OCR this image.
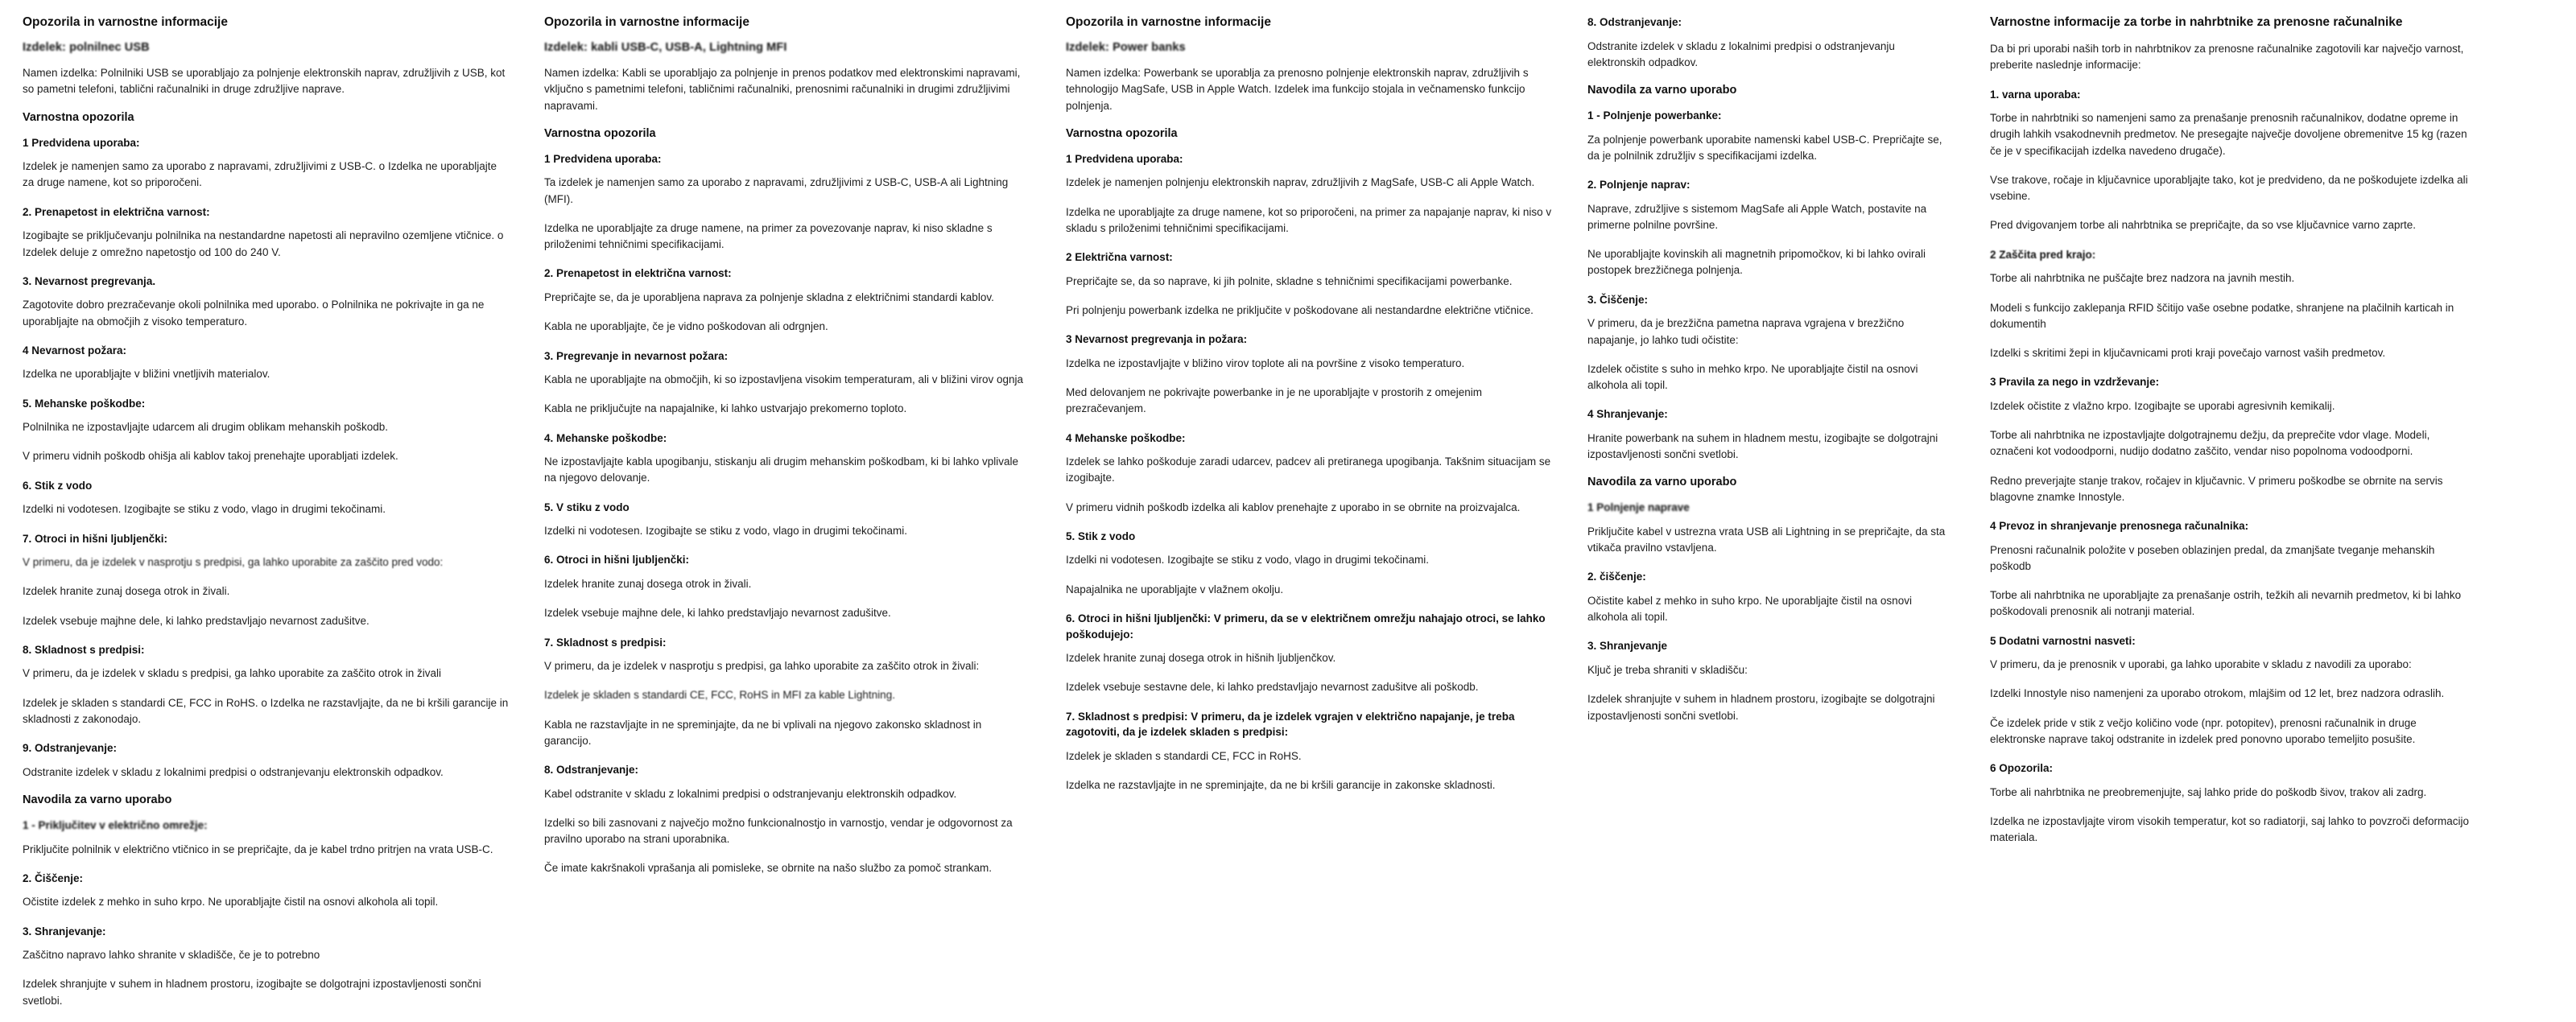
Opozorila in varnostne informacije
Izdelek: polnilnec USB

Namen izdelka: Polnilniki USB se uporabljajo za polnjenje elektronskih naprav, združljivih z USB, kot so pametni telefoni, tablični računalniki in druge združljive naprave.

Varnostna opozorila
1 Predvidena uporaba:

Izdelek je namenjen samo za uporabo z napravami, združljivimi z USB-C. o Izdelka ne uporabljajte za druge namene, kot so priporočeni.

2. Prenapetost in električna varnost:

Izogibajte se priključevanju polnilnika na nestandardne napetosti ali nepravilno ozemljene vtičnice. o Izdelek deluje z omrežno napetostjo od 100 do 240 V.

3. Nevarnost pregrevanja.

Zagotovite dobro prezračevanje okoli polnilnika med uporabo. o Polnilnika ne pokrivajte in ga ne uporabljajte na območjih z visoko temperaturo.

4 Nevarnost požara:

Izdelka ne uporabljajte v bližini vnetljivih materialov.

5. Mehanske poškodbe:

Polnilnika ne izpostavljajte udarcem ali drugim oblikam mehanskih poškodb.

V primeru vidnih poškodb ohišja ali kablov takoj prenehajte uporabljati izdelek.

6. Stik z vodo

Izdelki ni vodotesen. Izogibajte se stiku z vodo, vlago in drugimi tekočinami.

7. Otroci in hišni ljubljenčki:

V primeru, da je izdelek v nasprotju s predpisi, ga lahko uporabite za zaščito pred vodo:

Izdelek hranite zunaj dosega otrok in živali.

Izdelek vsebuje majhne dele, ki lahko predstavljajo nevarnost zadušitve.

8. Skladnost s predpisi:

V primeru, da je izdelek v skladu s predpisi, ga lahko uporabite za zaščito otrok in živali

Izdelek je skladen s standardi CE, FCC in RoHS. o Izdelka ne razstavljajte, da ne bi kršili garancije in skladnosti z zakonodajo.

9. Odstranjevanje:

Odstranite izdelek v skladu z lokalnimi predpisi o odstranjevanju elektronskih odpadkov.

Navodila za varno uporabo
1 - Priključitev v električno omrežje:

Priključite polnilnik v električno vtičnico in se prepričajte, da je kabel trdno pritrjen na vrata USB-C.

2. Čiščenje:

Očistite izdelek z mehko in suho krpo. Ne uporabljajte čistil na osnovi alkohola ali topil.

3. Shranjevanje:

Zaščitno napravo lahko shranite v skladišče, če je to potrebno

Izdelek shranjujte v suhem in hladnem prostoru, izogibajte se dolgotrajni izpostavljenosti sončni svetlobi.

Opozorila in varnostne informacije
Izdelek: kabli USB-C, USB-A, Lightning MFI

Namen izdelka: Kabli se uporabljajo za polnjenje in prenos podatkov med elektronskimi napravami, vključno s pametnimi telefoni, tabličnimi računalniki, prenosnimi računalniki in drugimi združljivimi napravami.

Varnostna opozorila
1 Predvidena uporaba:

Ta izdelek je namenjen samo za uporabo z napravami, združljivimi z USB-C, USB-A ali Lightning (MFI).

Izdelka ne uporabljajte za druge namene, na primer za povezovanje naprav, ki niso skladne s priloženimi tehničnimi specifikacijami.

2. Prenapetost in električna varnost:

Prepričajte se, da je uporabljena naprava za polnjenje skladna z električnimi standardi kablov.

Kabla ne uporabljajte, če je vidno poškodovan ali odrgnjen.

3. Pregrevanje in nevarnost požara:

Kabla ne uporabljajte na območjih, ki so izpostavljena visokim temperaturam, ali v bližini virov ognja

Kabla ne priključujte na napajalnike, ki lahko ustvarjajo prekomerno toploto.

4. Mehanske poškodbe:

Ne izpostavljajte kabla upogibanju, stiskanju ali drugim mehanskim poškodbam, ki bi lahko vplivale na njegovo delovanje.

5. V stiku z vodo

Izdelki ni vodotesen. Izogibajte se stiku z vodo, vlago in drugimi tekočinami.

6. Otroci in hišni ljubljenčki:

Izdelek hranite zunaj dosega otrok in živali.

Izdelek vsebuje majhne dele, ki lahko predstavljajo nevarnost zadušitve.

7. Skladnost s predpisi:

V primeru, da je izdelek v nasprotju s predpisi, ga lahko uporabite za zaščito otrok in živali:

Izdelek je skladen s standardi CE, FCC, RoHS in MFI za kable Lightning.

Kabla ne razstavljajte in ne spreminjajte, da ne bi vplivali na njegovo zakonsko skladnost in garancijo.

8. Odstranjevanje:

Kabel odstranite v skladu z lokalnimi predpisi o odstranjevanju elektronskih odpadkov.

Izdelki so bili zasnovani z največjo možno funkcionalnostjo in varnostjo, vendar je odgovornost za pravilno uporabo na strani uporabnika.

Če imate kakršnakoli vprašanja ali pomisleke, se obrnite na našo službo za pomoč strankam.

Opozorila in varnostne informacije
Izdelek: Power banks

Namen izdelka: Powerbank se uporablja za prenosno polnjenje elektronskih naprav, združljivih s tehnologijo MagSafe, USB in Apple Watch. Izdelek ima funkcijo stojala in večnamensko funkcijo polnjenja.

Varnostna opozorila
1 Predvidena uporaba:

Izdelek je namenjen polnjenju elektronskih naprav, združljivih z MagSafe, USB-C ali Apple Watch.

Izdelka ne uporabljajte za druge namene, kot so priporočeni, na primer za napajanje naprav, ki niso v skladu s priloženimi tehničnimi specifikacijami.

2 Električna varnost:

Prepričajte se, da so naprave, ki jih polnite, skladne s tehničnimi specifikacijami powerbanke.

Pri polnjenju powerbank izdelka ne priključite v poškodovane ali nestandardne električne vtičnice.

3 Nevarnost pregrevanja in požara:

Izdelka ne izpostavljajte v bližino virov toplote ali na površine z visoko temperaturo.

Med delovanjem ne pokrivajte powerbanke in je ne uporabljajte v prostorih z omejenim prezračevanjem.

4 Mehanske poškodbe:

Izdelek se lahko poškoduje zaradi udarcev, padcev ali pretiranega upogibanja. Takšnim situacijam se izogibajte.

V primeru vidnih poškodb izdelka ali kablov prenehajte z uporabo in se obrnite na proizvajalca.

5. Stik z vodo

Izdelki ni vodotesen. Izogibajte se stiku z vodo, vlago in drugimi tekočinami.

Napajalnika ne uporabljajte v vlažnem okolju.

6. Otroci in hišni ljubljenčki: V primeru, da se v električnem omrežju nahajajo otroci, se lahko poškodujejo:

Izdelek hranite zunaj dosega otrok in hišnih ljubljenčkov.

Izdelek vsebuje sestavne dele, ki lahko predstavljajo nevarnost zadušitve ali poškodb.

7. Skladnost s predpisi: V primeru, da je izdelek vgrajen v električno napajanje, je treba zagotoviti, da je izdelek skladen s predpisi:

Izdelek je skladen s standardi CE, FCC in RoHS.

Izdelka ne razstavljajte in ne spreminjajte, da ne bi kršili garancije in zakonske skladnosti.

8. Odstranjevanje:

Odstranite izdelek v skladu z lokalnimi predpisi o odstranjevanju elektronskih odpadkov.

Navodila za varno uporabo
1 - Polnjenje powerbanke:

Za polnjenje powerbank uporabite namenski kabel USB-C. Prepričajte se, da je polnilnik združljiv s specifikacijami izdelka.

2. Polnjenje naprav:

Naprave, združljive s sistemom MagSafe ali Apple Watch, postavite na primerne polnilne površine.

Ne uporabljajte kovinskih ali magnetnih pripomočkov, ki bi lahko ovirali postopek brezžičnega polnjenja.

3. Čiščenje:

V primeru, da je brezžična pametna naprava vgrajena v brezžično napajanje, jo lahko tudi očistite:

Izdelek očistite s suho in mehko krpo. Ne uporabljajte čistil na osnovi alkohola ali topil.

4 Shranjevanje:

Hranite powerbank na suhem in hladnem mestu, izogibajte se dolgotrajni izpostavljenosti sončni svetlobi.

Navodila za varno uporabo
1 Polnjenje naprave

Priključite kabel v ustrezna vrata USB ali Lightning in se prepričajte, da sta vtikača pravilno vstavljena.

2. čiščenje:

Očistite kabel z mehko in suho krpo. Ne uporabljajte čistil na osnovi alkohola ali topil.

3. Shranjevanje

Ključ je treba shraniti v skladišču:

Izdelek shranjujte v suhem in hladnem prostoru, izogibajte se dolgotrajni izpostavljenosti sončni svetlobi.

Varnostne informacije za torbe in nahrbtnike za prenosne računalnike

Da bi pri uporabi naših torb in nahrbtnikov za prenosne računalnike zagotovili kar največjo varnost, preberite naslednje informacije:

1. varna uporaba:

Torbe in nahrbtniki so namenjeni samo za prenašanje prenosnih računalnikov, dodatne opreme in drugih lahkih vsakodnevnih predmetov. Ne presegajte največje dovoljene obremenitve 15 kg (razen če je v specifikacijah izdelka navedeno drugače).

Vse trakove, ročaje in ključavnice uporabljajte tako, kot je predvideno, da ne poškodujete izdelka ali vsebine.

Pred dvigovanjem torbe ali nahrbtnika se prepričajte, da so vse ključavnice varno zaprte.

2 Zaščita pred krajo:

Torbe ali nahrbtnika ne puščajte brez nadzora na javnih mestih.

Modeli s funkcijo zaklepanja RFID ščitijo vaše osebne podatke, shranjene na plačilnih karticah in dokumentih

Izdelki s skritimi žepi in ključavnicami proti kraji povečajo varnost vaših predmetov.

3 Pravila za nego in vzdrževanje:

Izdelek očistite z vlažno krpo. Izogibajte se uporabi agresivnih kemikalij.

Torbe ali nahrbtnika ne izpostavljajte dolgotrajnemu dežju, da preprečite vdor vlage. Modeli, označeni kot vodoodporni, nudijo dodatno zaščito, vendar niso popolnoma vodoodporni.

Redno preverjajte stanje trakov, ročajev in ključavnic. V primeru poškodbe se obrnite na servis blagovne znamke Innostyle.

4 Prevoz in shranjevanje prenosnega računalnika:

Prenosni računalnik položite v poseben oblazinjen predal, da zmanjšate tveganje mehanskih poškodb

Torbe ali nahrbtnika ne uporabljajte za prenašanje ostrih, težkih ali nevarnih predmetov, ki bi lahko poškodovali prenosnik ali notranji material.

5 Dodatni varnostni nasveti:

V primeru, da je prenosnik v uporabi, ga lahko uporabite v skladu z navodili za uporabo:

Izdelki Innostyle niso namenjeni za uporabo otrokom, mlajšim od 12 let, brez nadzora odraslih.

Če izdelek pride v stik z večjo količino vode (npr. potopitev), prenosni računalnik in druge elektronske naprave takoj odstranite in izdelek pred ponovno uporabo temeljito posušite.

6 Opozorila:

Torbe ali nahrbtnika ne preobremenjujte, saj lahko pride do poškodb šivov, trakov ali zadrg.

Izdelka ne izpostavljajte virom visokih temperatur, kot so radiatorji, saj lahko to povzroči deformacijo materiala.
